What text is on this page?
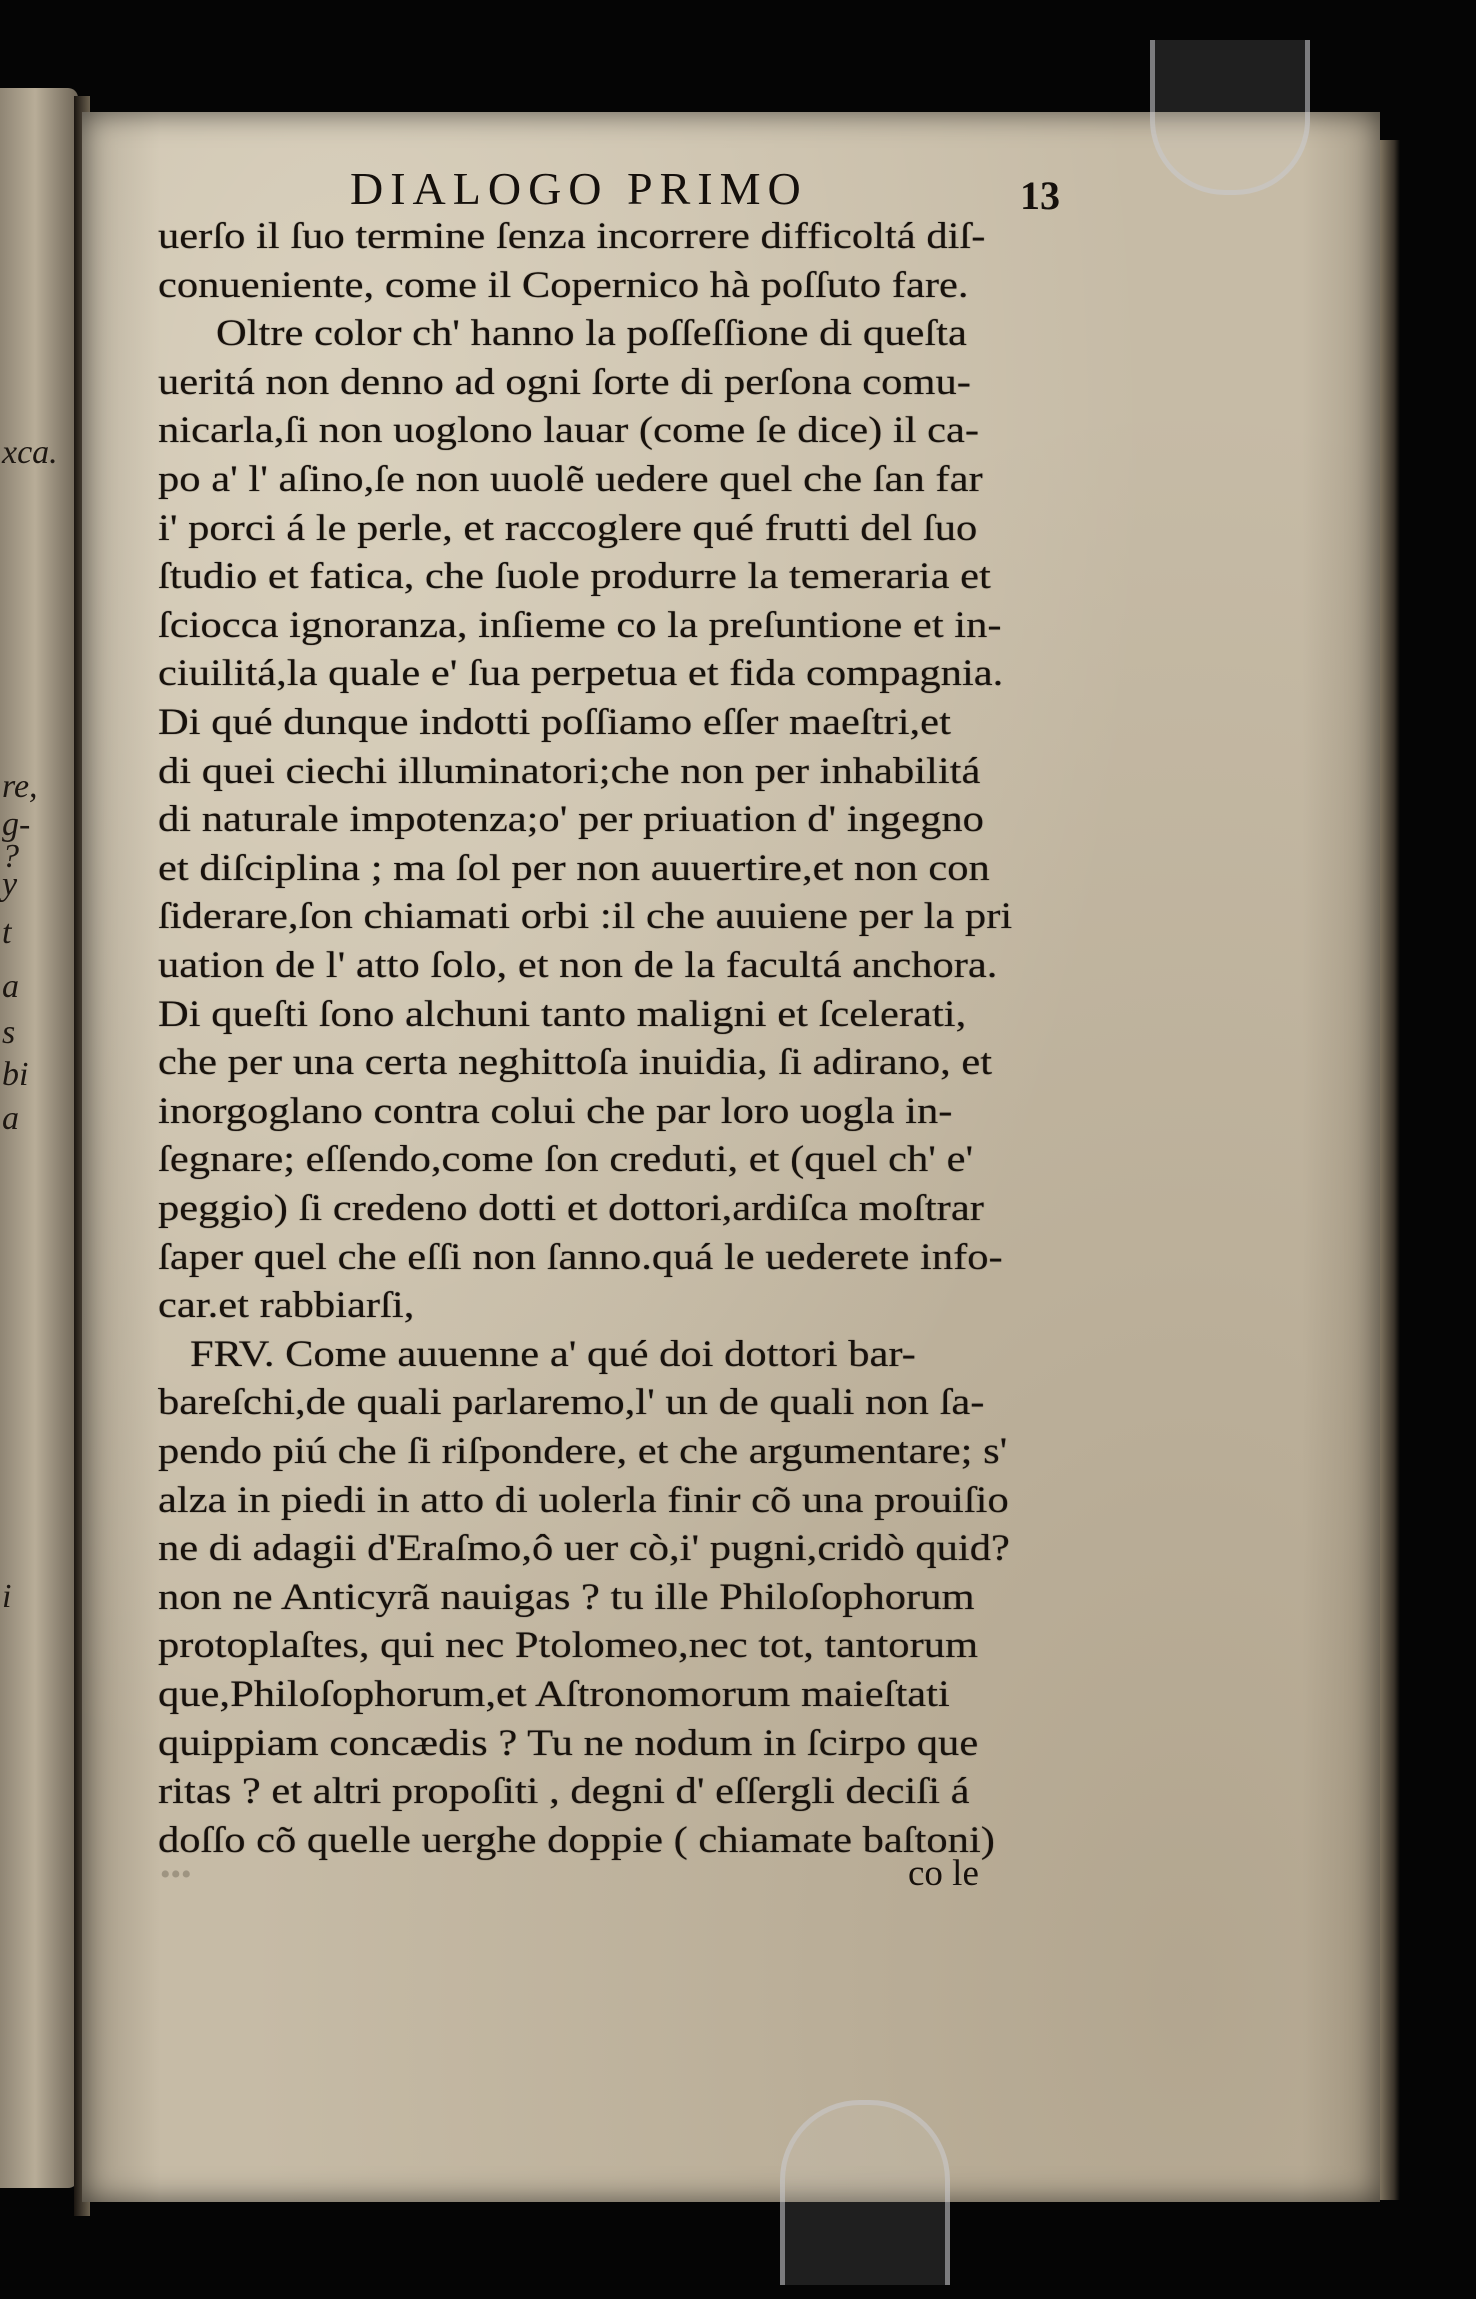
xca.
re,
g-
?
y
t
a
s
bi
a
i
DIALOGO PRIMO	13
uerſo il ſuo termine ſenza incorrere difficoltá diſ-
conueniente, come il Copernico hà poſſuto fare.
Oltre color ch' hanno la poſſeſſione di queſta
ueritá non denno ad ogni ſorte di perſona comu-
nicarla,ſi non uoglono lauar (come ſe dice) il ca-
po a' l' aſino,ſe non uuolẽ uedere quel che ſan far
i' porci á le perle, et raccoglere qué frutti del ſuo
ſtudio et fatica, che ſuole produrre la temeraria et
ſciocca ignoranza, inſieme co la preſuntione et in-
ciuilitá,la quale e' ſua perpetua et fida compagnia.
Di qué dunque indotti poſſiamo eſſer maeſtri,et
di quei ciechi illuminatori;che non per inhabilitá
di naturale impotenza;o' per priuation d' ingegno
et diſciplina ; ma ſol per non auuertire,et non con
ſiderare,ſon chiamati orbi :il che auuiene per la pri
uation de l' atto ſolo, et non de la facultá anchora.
Di queſti ſono alchuni tanto maligni et ſcelerati,
che per una certa neghittoſa inuidia, ſi adirano, et
inorgoglano contra colui che par loro uogla in-
ſegnare; eſſendo,come ſon creduti, et (quel ch' e'
peggio) ſi credeno dotti et dottori,ardiſca moſtrar
ſaper quel che eſſi non ſanno.quá le uederete info-
car.et rabbiarſi,
FRV. Come auuenne a' qué doi dottori bar-
bareſchi,de quali parlaremo,l' un de quali non ſa-
pendo piú che ſi riſpondere, et che argumentare; s'
alza in piedi in atto di uolerla finir cõ una prouiſio
ne di adagii d'Eraſmo,ô uer cò,i' pugni,cridò quid?
non ne Anticyrã nauigas ? tu ille Philoſophorum
protoplaſtes, qui nec Ptolomeo,nec tot, tantorum
que,Philoſophorum,et Aſtronomorum maieſtati
quippiam concædis ? Tu ne nodum in ſcirpo que
ritas ? et altri propoſiti , degni d' eſſergli deciſi á
doſſo cõ quelle uerghe doppie ( chiamate baſtoni)
•••	co le
